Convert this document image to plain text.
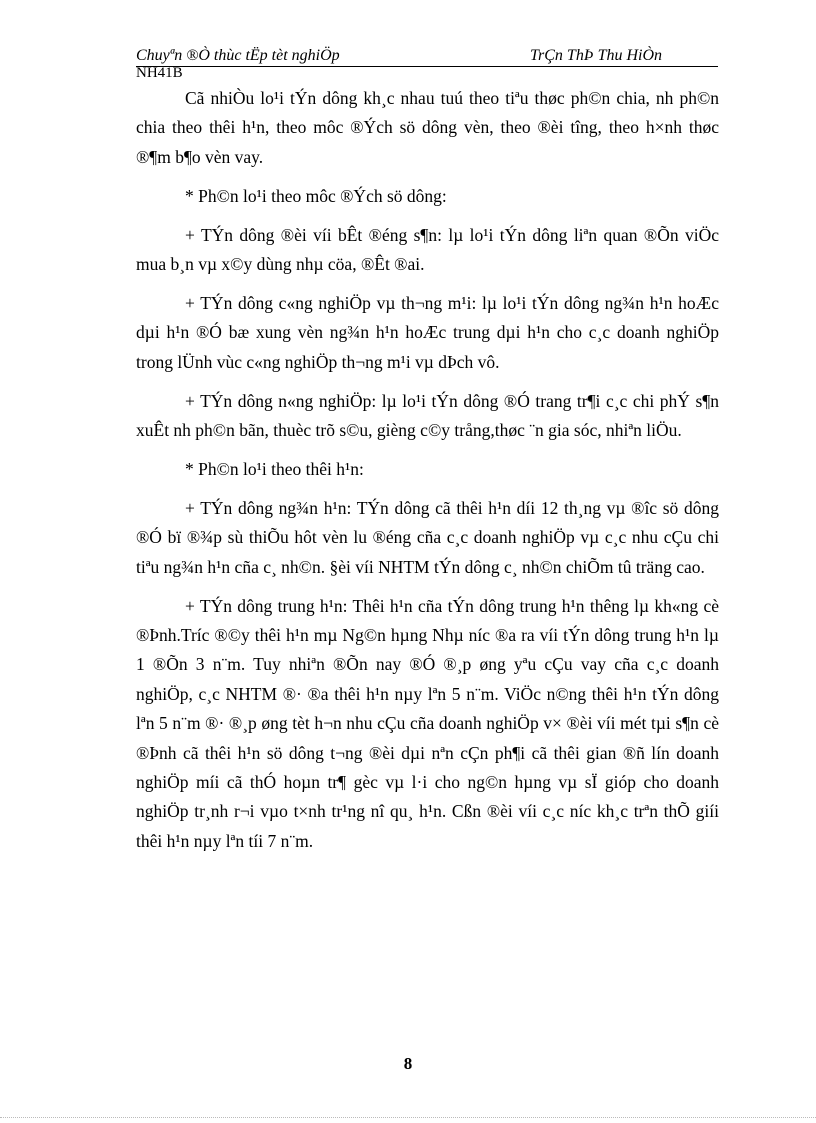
Chuyªn ®Ò thùc tËp tèt nghiÖp
NH41B
TrÇn ThÞ Thu HiÒn

Cã nhiÒu lo¹i tÝn dông kh¸c nhau tuú theo tiªu thøc ph©n chia, nh ph©n chia theo thêi h¹n, theo môc ®Ých sö dông vèn, theo ®èi tîng, theo h×nh thøc ®¶m b¶o vèn vay.

* Ph©n lo¹i theo môc ®Ých sö dông:

+ TÝn dông ®èi víi bÊt ®éng s¶n: lµ lo¹i tÝn dông liªn quan ®Õn viÖc mua b¸n vµ x©y dùng nhµ cöa, ®Êt ®ai.

+ TÝn dông c«ng nghiÖp vµ th¬ng m¹i: lµ lo¹i tÝn dông ng¾n h¹n hoÆc dµi h¹n ®Ó bæ xung vèn ng¾n h¹n hoÆc trung dµi h¹n cho c¸c doanh nghiÖp trong lÜnh vùc c«ng nghiÖp th¬ng m¹i vµ dÞch vô.

+ TÝn dông n«ng nghiÖp: lµ lo¹i tÝn dông ®Ó trang tr¶i c¸c chi phÝ s¶n xuÊt nh ph©n bãn, thuèc trõ s©u, gièng c©y trång,thøc ¨n gia sóc, nhiªn liÖu.

* Ph©n lo¹i theo thêi h¹n:

+ TÝn dông ng¾n h¹n: TÝn dông cã thêi h¹n díi 12 th¸ng vµ ®îc sö dông ®Ó bï ®¾p sù thiÕu hôt vèn lu ®éng cña c¸c doanh nghiÖp vµ c¸c nhu cÇu chi tiªu ng¾n h¹n cña c¸ nh©n. §èi víi NHTM tÝn dông c¸ nh©n chiÕm tû träng cao.

+ TÝn dông trung h¹n: Thêi h¹n cña tÝn dông trung h¹n thêng lµ kh«ng cè ®Þnh.Tríc ®©y thêi h¹n mµ Ng©n hµng Nhµ níc ®a ra víi tÝn dông trung h¹n lµ 1 ®Õn 3 n¨m. Tuy nhiªn ®Õn nay ®Ó ®¸p øng yªu cÇu vay cña c¸c doanh nghiÖp, c¸c NHTM ®· ®a thêi h¹n nµy lªn 5 n¨m. ViÖc n©ng thêi h¹n tÝn dông lªn 5 n¨m ®· ®¸p øng tèt h¬n nhu cÇu cña doanh nghiÖp v× ®èi víi mét tµi s¶n cè ®Þnh cã thêi h¹n sö dông t¬ng ®èi dµi nªn cÇn ph¶i cã thêi gian ®ñ lín doanh nghiÖp míi cã thÓ hoµn tr¶ gèc vµ l·i cho ng©n hµng vµ sÏ gióp cho doanh nghiÖp tr¸nh r¬i vµo t×nh tr¹ng nî qu¸ h¹n. Cßn ®èi víi c¸c níc kh¸c trªn thÕ giíi thêi h¹n nµy lªn tíi 7 n¨m.

8
